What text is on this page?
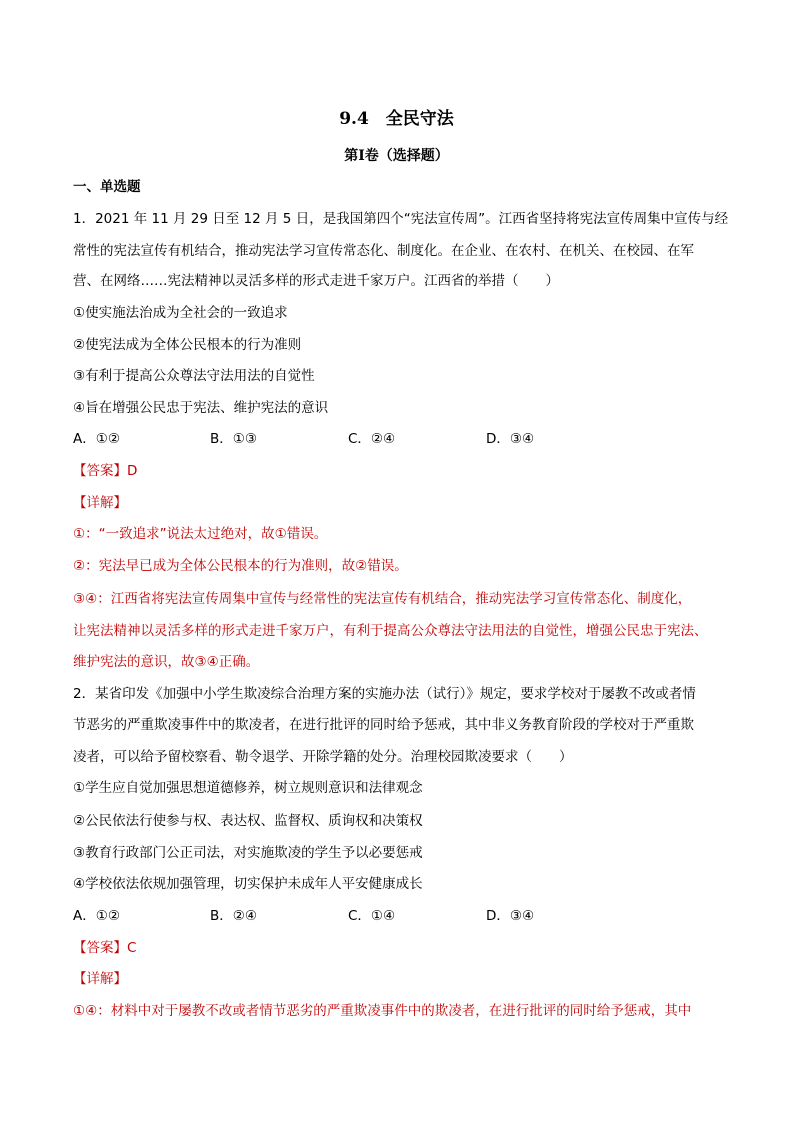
9.4　全民守法
第Ⅰ卷（选择题）
一、单选题
1．2021 年 11 月 29 日至 12 月 5 日，是我国第四个“宪法宣传周”。江西省坚持将宪法宣传周集中宣传与经
常性的宪法宣传有机结合，推动宪法学习宣传常态化、制度化。在企业、在农村、在机关、在校园、在军
营、在网络……宪法精神以灵活多样的形式走进千家万户。江西省的举措（　　）
①使实施法治成为全社会的一致追求
②使宪法成为全体公民根本的行为准则
③有利于提高公众尊法守法用法的自觉性
④旨在增强公民忠于宪法、维护宪法的意识
A．①②	B．①③	C．②④	D．③④
【答案】D
【详解】
①：“一致追求”说法太过绝对，故①错误。
②：宪法早已成为全体公民根本的行为准则，故②错误。
③④：江西省将宪法宣传周集中宣传与经常性的宪法宣传有机结合，推动宪法学习宣传常态化、制度化，
让宪法精神以灵活多样的形式走进千家万户，有利于提高公众尊法守法用法的自觉性，增强公民忠于宪法、
维护宪法的意识，故③④正确。
2．某省印发《加强中小学生欺凌综合治理方案的实施办法（试行）》规定，要求学校对于屡教不改或者情
节恶劣的严重欺凌事件中的欺凌者，在进行批评的同时给予惩戒，其中非义务教育阶段的学校对于严重欺
凌者，可以给予留校察看、勒令退学、开除学籍的处分。治理校园欺凌要求（　　）
①学生应自觉加强思想道德修养，树立规则意识和法律观念
②公民依法行使参与权、表达权、监督权、质询权和决策权
③教育行政部门公正司法，对实施欺凌的学生予以必要惩戒
④学校依法依规加强管理，切实保护未成年人平安健康成长
A．①②	B．②④	C．①④	D．③④
【答案】C
【详解】
①④：材料中对于屡教不改或者情节恶劣的严重欺凌事件中的欺凌者，在进行批评的同时给予惩戒，其中
